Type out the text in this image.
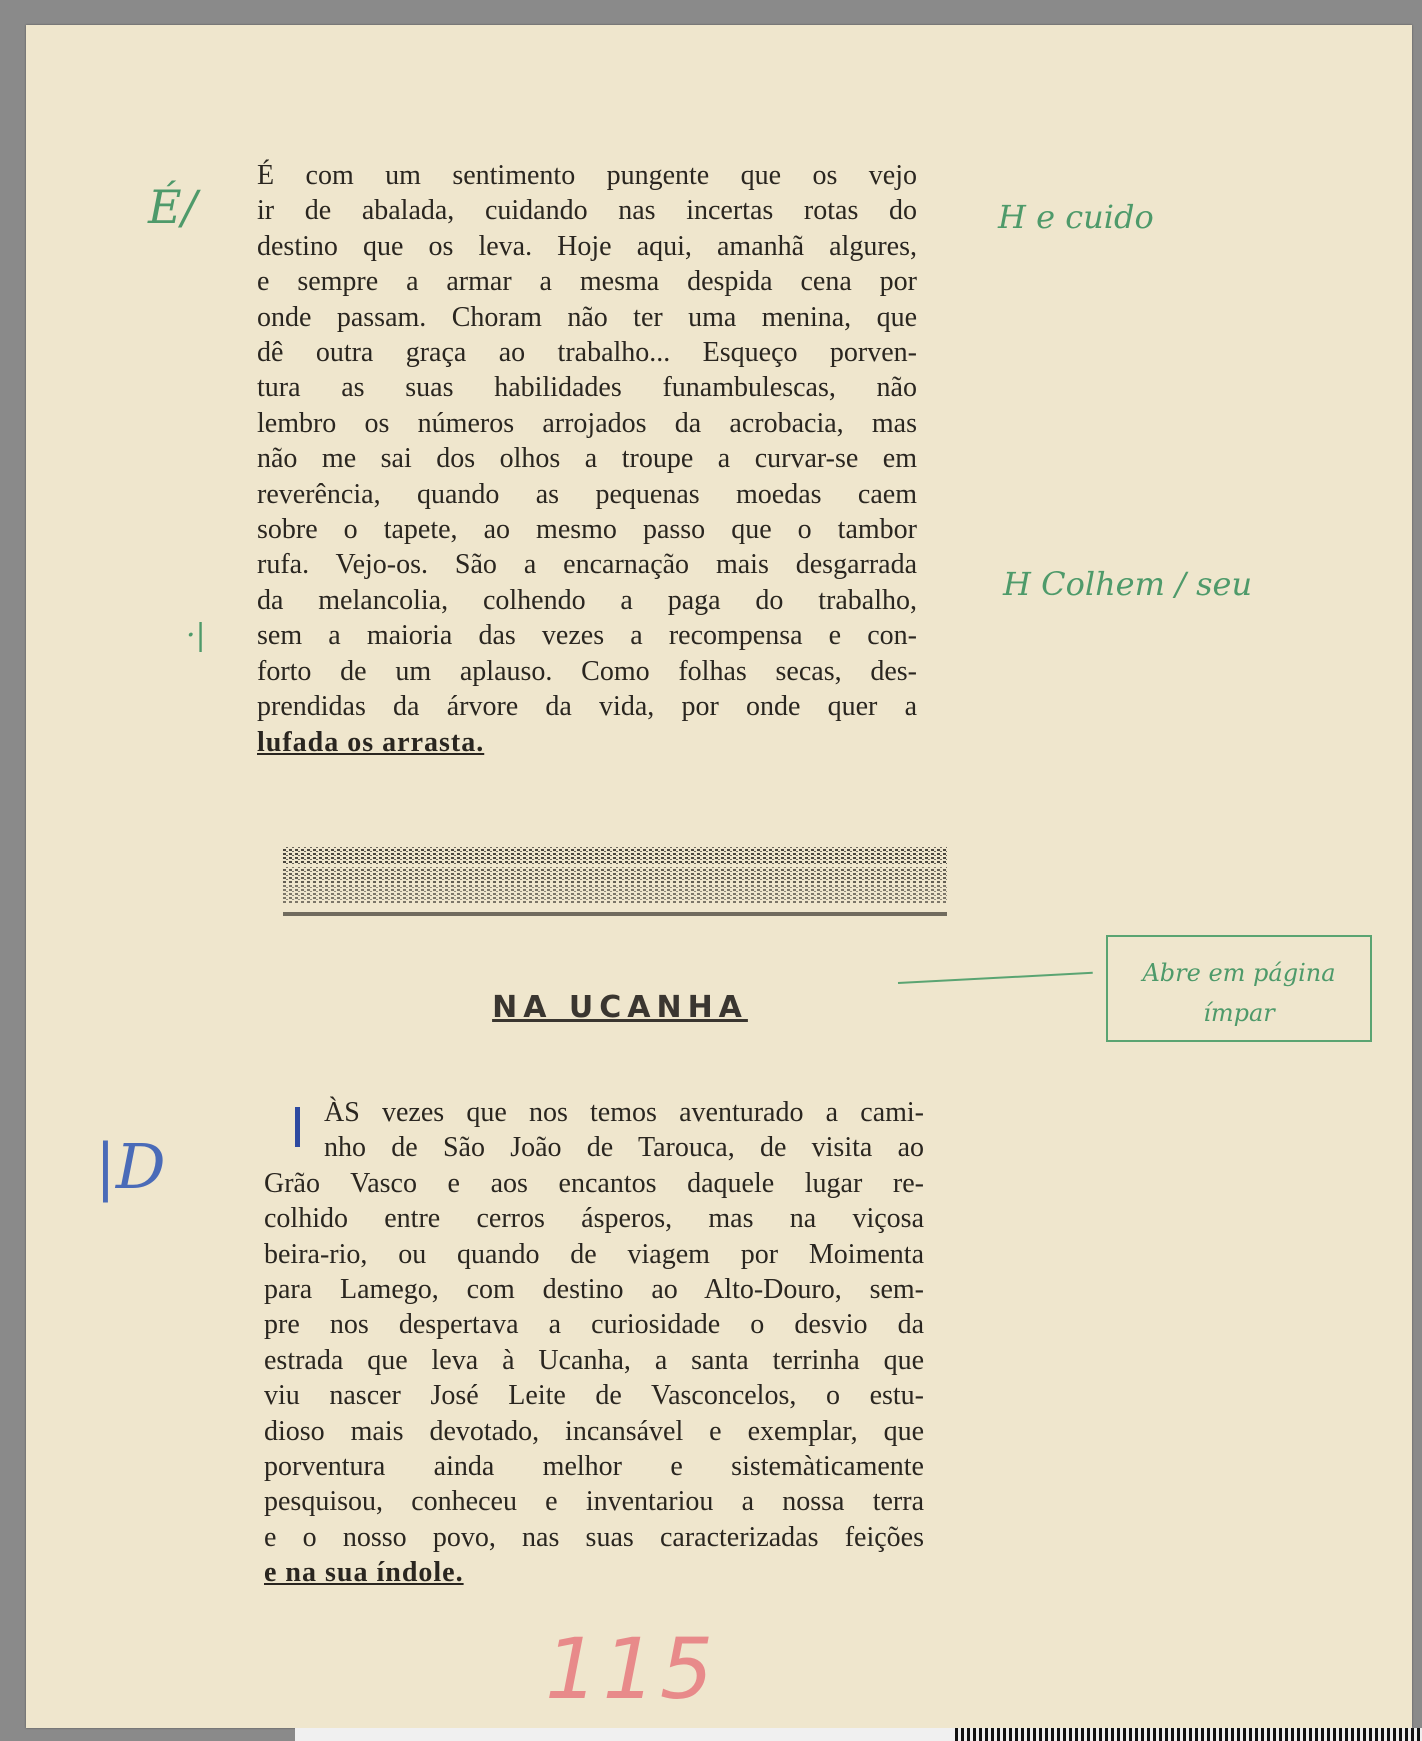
É com um sentimento pungente que os vejo
ir de abalada, cuidando nas incertas rotas do
destino que os leva. Hoje aqui, amanhã algures,
e sempre a armar a mesma despida cena por
onde passam. Choram não ter uma menina, que
dê outra graça ao trabalho... Esqueço porven-
tura as suas habilidades funambulescas, não
lembro os números arrojados da acrobacia, mas
não me sai dos olhos a troupe a curvar-se em
reverência, quando as pequenas moedas caem
sobre o tapete, ao mesmo passo que o tambor
rufa. Vejo-os. São a encarnação mais desgarrada
da melancolia, colhendo a paga do trabalho,
sem a maioria das vezes a recompensa e con-
forto de um aplauso. Como folhas secas, des-
prendidas da árvore da vida, por onde quer a
lufada os arrasta.
NA UCANHA
ÀS vezes que nos temos aventurado a cami-
nho de São João de Tarouca, de visita ao
Grão Vasco e aos encantos daquele lugar re-
colhido entre cerros ásperos, mas na viçosa
beira-rio, ou quando de viagem por Moimenta
para Lamego, com destino ao Alto-Douro, sem-
pre nos despertava a curiosidade o desvio da
estrada que leva à Ucanha, a santa terrinha que
viu nascer José Leite de Vasconcelos, o estu-
dioso mais devotado, incansável e exemplar, que
porventura ainda melhor e sistemàticamente
pesquisou, conheceu e inventariou a nossa terra
e o nosso povo, nas suas caracterizadas feições
e na sua índole.
É/	H e cuido
H Colhem / seu
·|
|D
Abre em página
ímpar
115
